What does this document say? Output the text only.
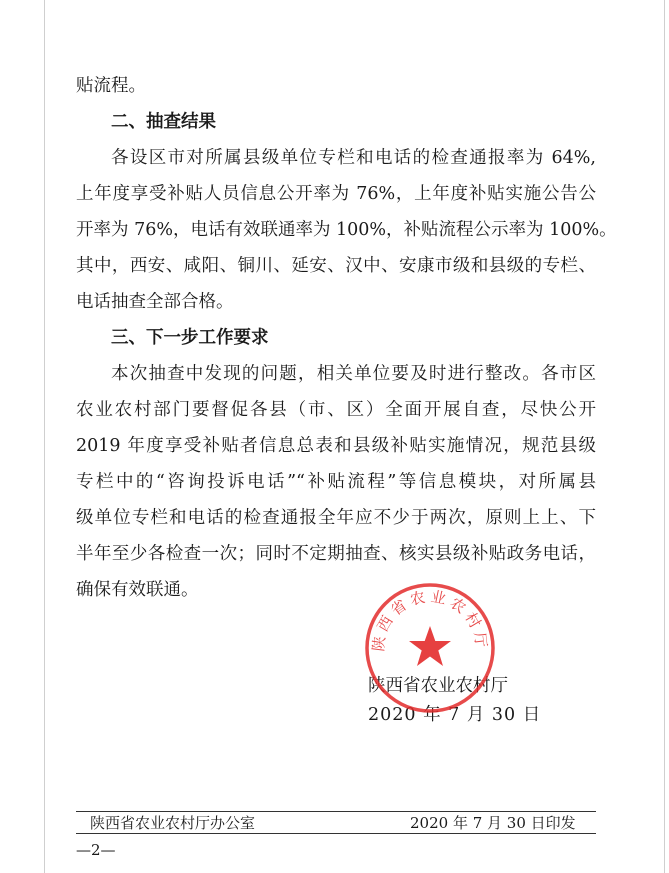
贴流程。
二、抽查结果
各设区市对所属县级单位专栏和电话的检查通报率为 64%,
上年度享受补贴人员信息公开率为 76%，上年度补贴实施公告公
开率为 76%，电话有效联通率为 100%，补贴流程公示率为 100%。
其中，西安、咸阳、铜川、延安、汉中、安康市级和县级的专栏、
电话抽查全部合格。
三、下一步工作要求
本次抽查中发现的问题，相关单位要及时进行整改。各市区
农业农村部门要督促各县（市、区）全面开展自查，尽快公开
2019 年度享受补贴者信息总表和县级补贴实施情况，规范县级
专栏中的“咨询投诉电话”“补贴流程”等信息模块，对所属县
级单位专栏和电话的检查通报全年应不少于两次，原则上上、下
半年至少各检查一次；同时不定期抽查、核实县级补贴政务电话，
确保有效联通。
陕西省农业农村厅
2020 年 7 月 30 日
陕西省农业农村厅
陕西省农业农村厅办公室	2020 年 7 月 30 日印发
—2—
